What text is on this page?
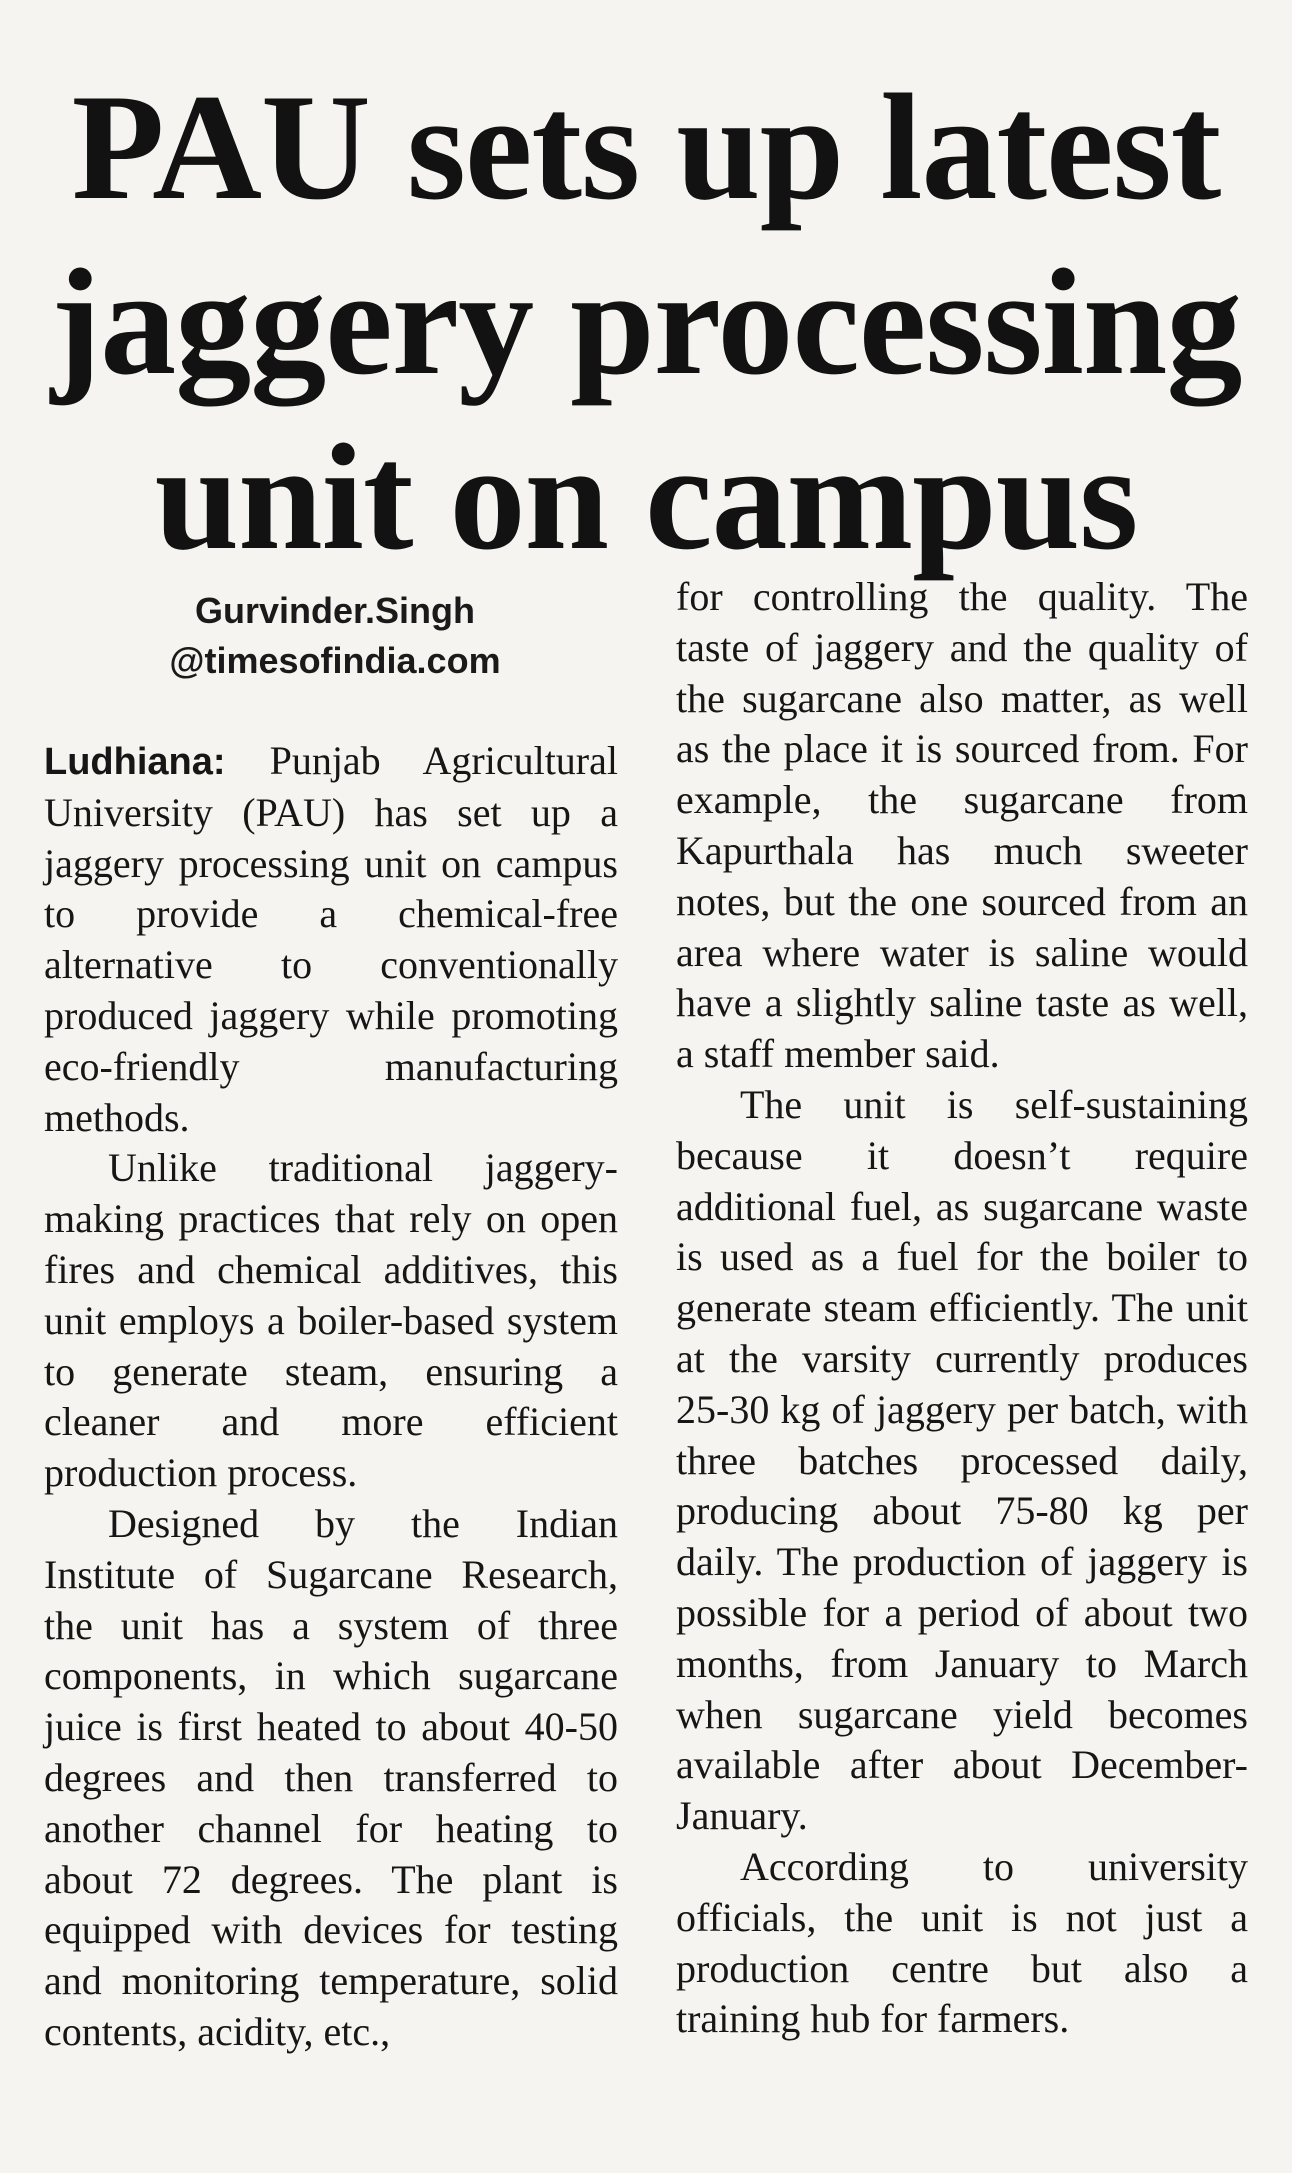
PAU sets up latest
jaggery processing
unit on campus
Gurvinder.Singh
@timesofindia.com

Ludhiana: Punjab Agricultural University (PAU) has set up a jaggery processing unit on campus to provide a chemical-free alternative to conventionally produced jaggery while promoting eco-friendly manufacturing methods.

Unlike traditional jaggery-making practices that rely on open fires and chemical additives, this unit employs a boiler-based system to generate steam, ensuring a cleaner and more efficient production process.

Designed by the Indian Institute of Sugarcane Research, the unit has a system of three components, in which sugarcane juice is first heated to about 40-50 degrees and then transferred to another channel for heating to about 72 degrees. The plant is equipped with devices for testing and monitoring temperature, solid contents, acidity, etc.,

for controlling the quality. The taste of jaggery and the quality of the sugarcane also matter, as well as the place it is sourced from. For example, the sugarcane from Kapurthala has much sweeter notes, but the one sourced from an area where water is saline would have a slightly saline taste as well, a staff member said.

The unit is self-sustaining because it doesn’t require additional fuel, as sugarcane waste is used as a fuel for the boiler to generate steam efficiently. The unit at the varsity currently produces 25-30 kg of jaggery per batch, with three batches processed daily, producing about 75-80 kg per daily. The production of jaggery is possible for a period of about two months, from January to March when sugarcane yield becomes available after about December-January.

According to university officials, the unit is not just a production centre but also a training hub for farmers.
